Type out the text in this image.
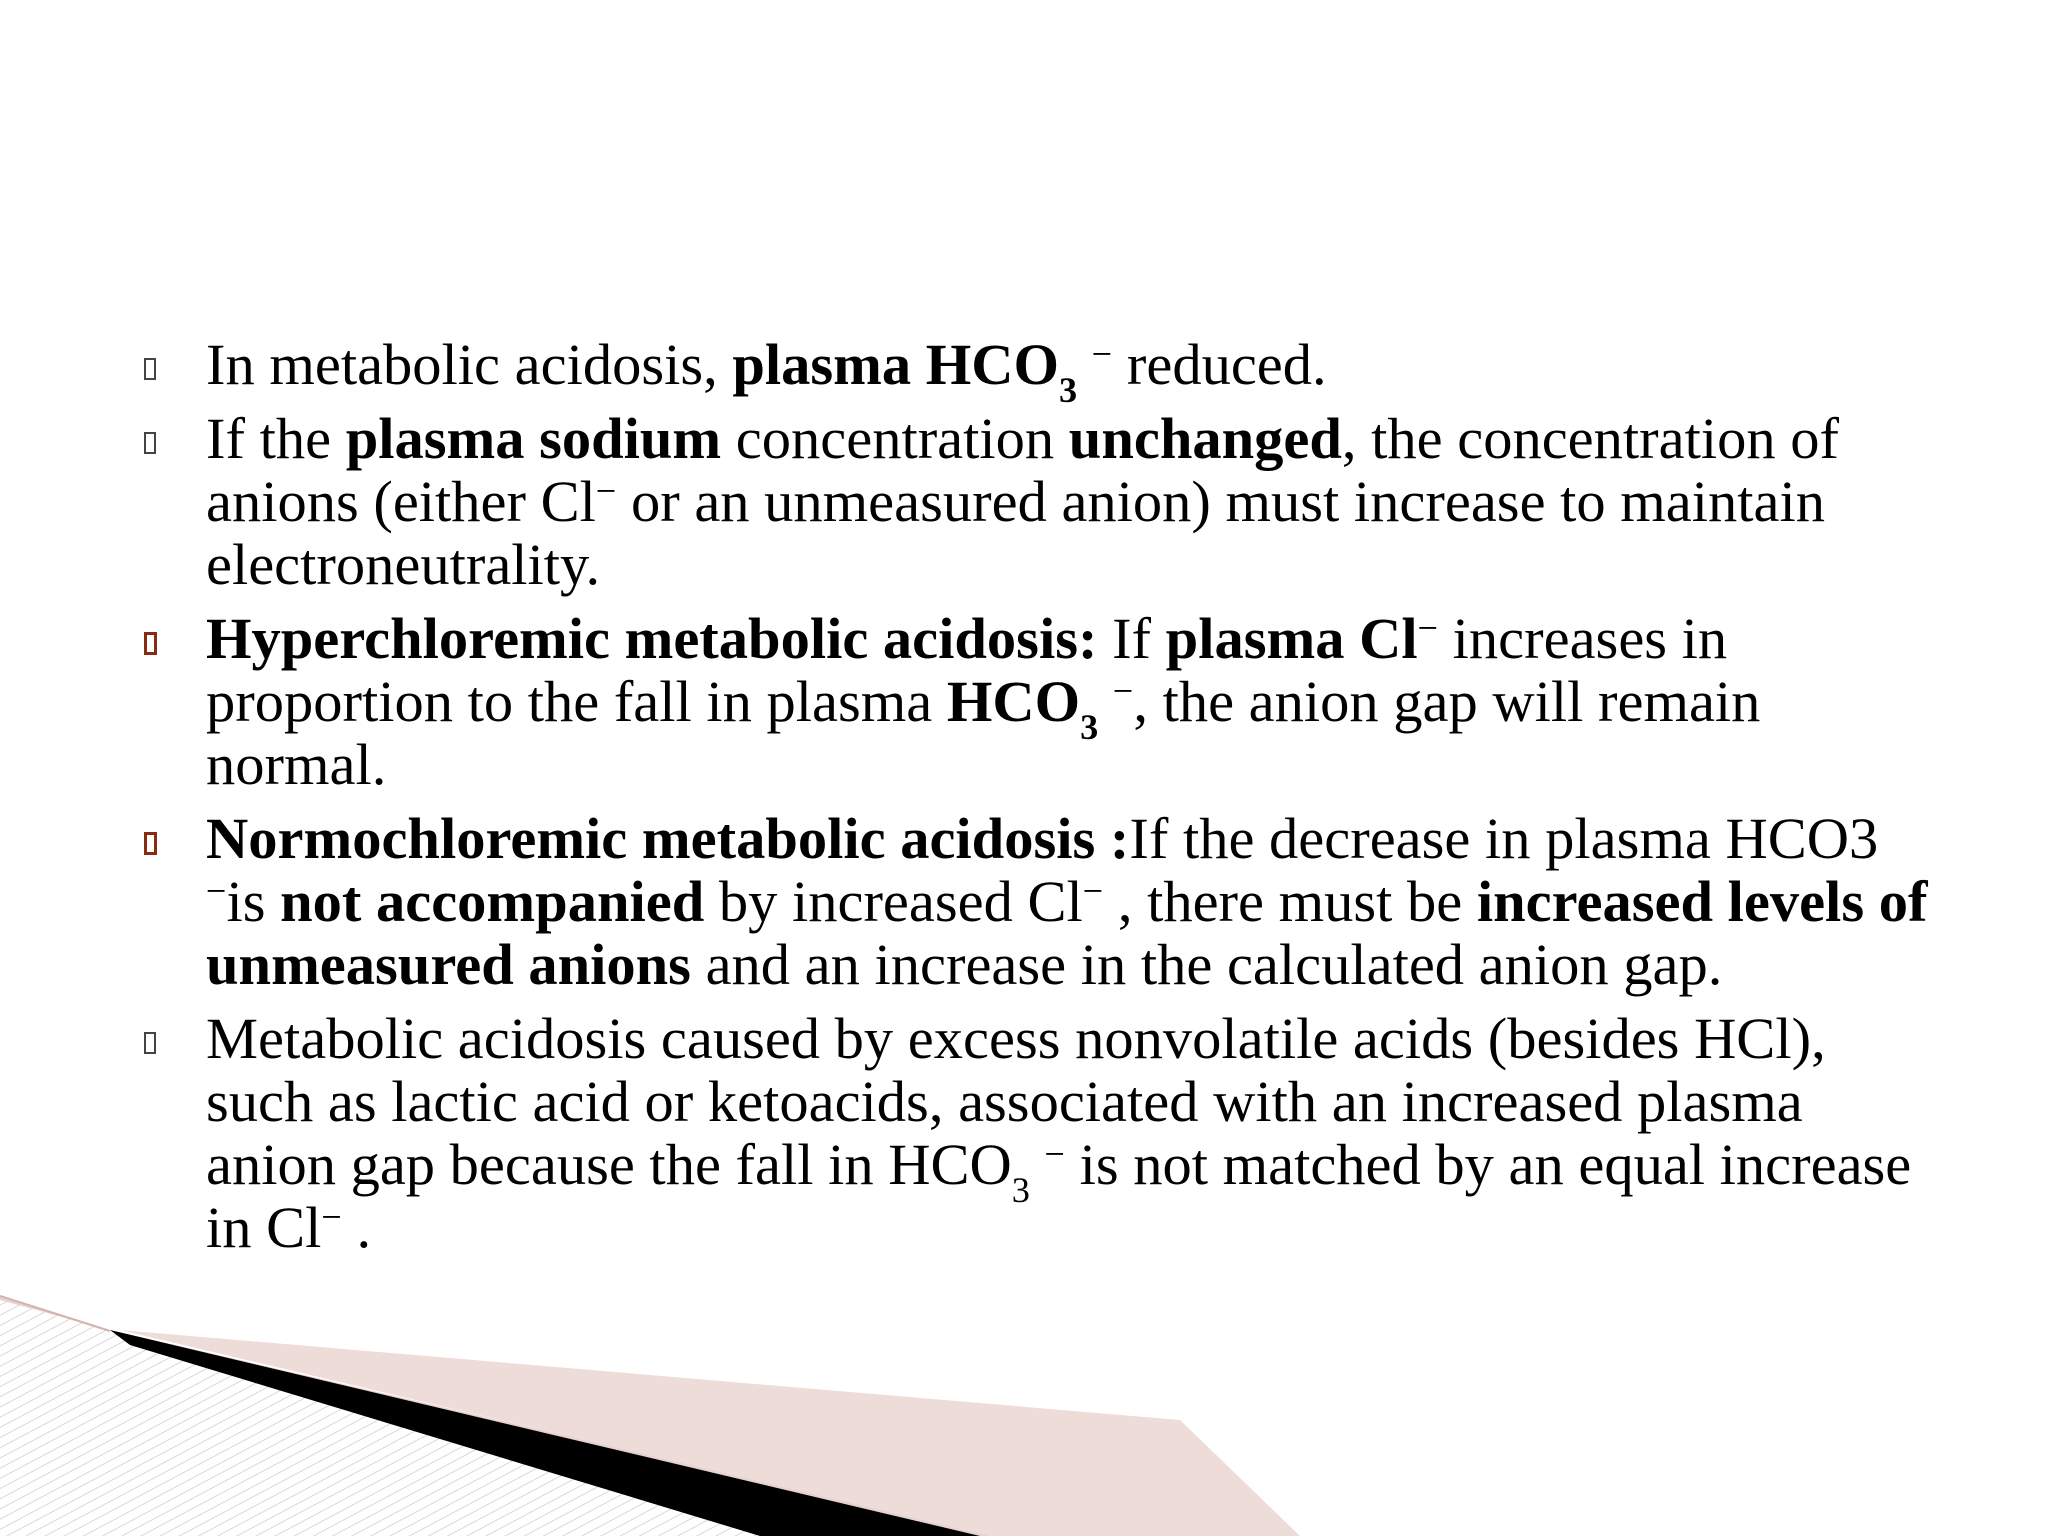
In metabolic acidosis, plasma $HCO_3$ − reduced.
If the plasma sodium concentration unchanged, the concentration of anions (either Cl− or an unmeasured anion) must increase to maintain electroneutrality.
Hyperchloremic metabolic acidosis: If plasma Cl− increases in proportion to the fall in plasma $HCO_3$ −, the anion gap will remain normal.
Normochloremic metabolic acidosis :If the decrease in plasma HCO3 −is not accompanied by increased Cl− , there must be increased levels of unmeasured anions and an increase in the calculated anion gap.
Metabolic acidosis caused by excess nonvolatile acids (besides HCl), such as lactic acid or ketoacids, associated with an increased plasma anion gap because the fall in $HCO_3$ − is not matched by an equal increase in Cl− .
